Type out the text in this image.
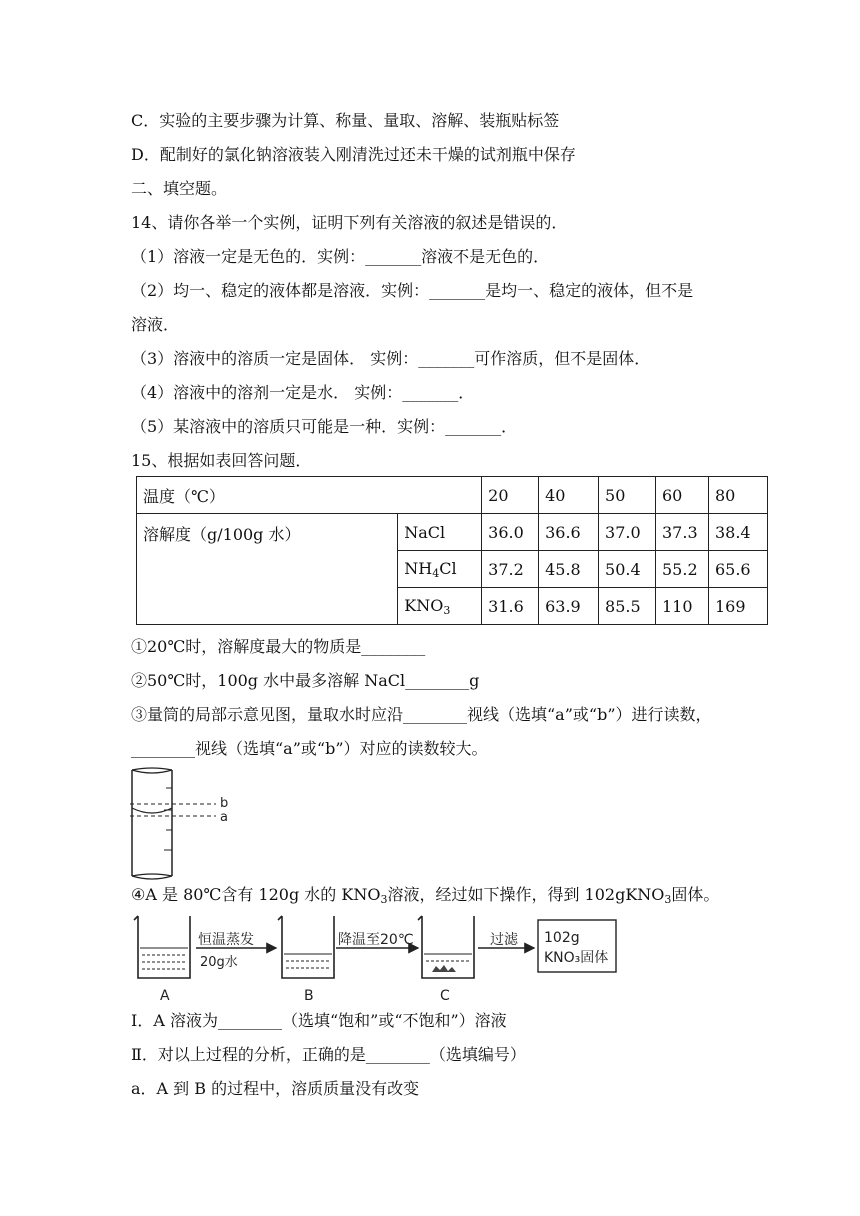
C．实验的主要步骤为计算、称量、量取、溶解、装瓶贴标签
D．配制好的氯化钠溶液装入刚清洗过还未干燥的试剂瓶中保存
二、填空题。
14、请你各举一个实例，证明下列有关溶液的叙述是错误的．
（1）溶液一定是无色的．实例：_______溶液不是无色的．
（2）均一、稳定的液体都是溶液．实例：_______是均一、稳定的液体，但不是
溶液．
（3）溶液中的溶质一定是固体． 实例：_______可作溶质，但不是固体．
（4）溶液中的溶剂一定是水． 实例：_______．
（5）某溶液中的溶质只可能是一种．实例：_______．
15、根据如表回答问题．
温度（℃）		20	40	50	60	80
溶解度（g/100g 水）	NaCl	36.0	36.6	37.0	37.3	38.4
	$NH_4Cl$	37.2	45.8	50.4	55.2	65.6
	$KNO_3$	31.6	63.9	85.5	110	169
①20℃时，溶解度最大的物质是________
②50℃时，100g 水中最多溶解 NaCl________g
③量筒的局部示意见图，量取水时应沿________视线（选填“a”或“b”）进行读数，
________视线（选填“a”或“b”）对应的读数较大。
b
a
④A 是 80℃含有 120g 水的 $KNO_3$溶液，经过如下操作，得到 102gKNO$_3$固体。
恒温蒸发
20g水
降温至20℃	过滤 102g
KNO₃固体
A	B	C
Ⅰ．A 溶液为________（选填“饱和”或“不饱和”）溶液
Ⅱ．对以上过程的分析，正确的是________（选填编号）
a．A 到 B 的过程中，溶质质量没有改变
